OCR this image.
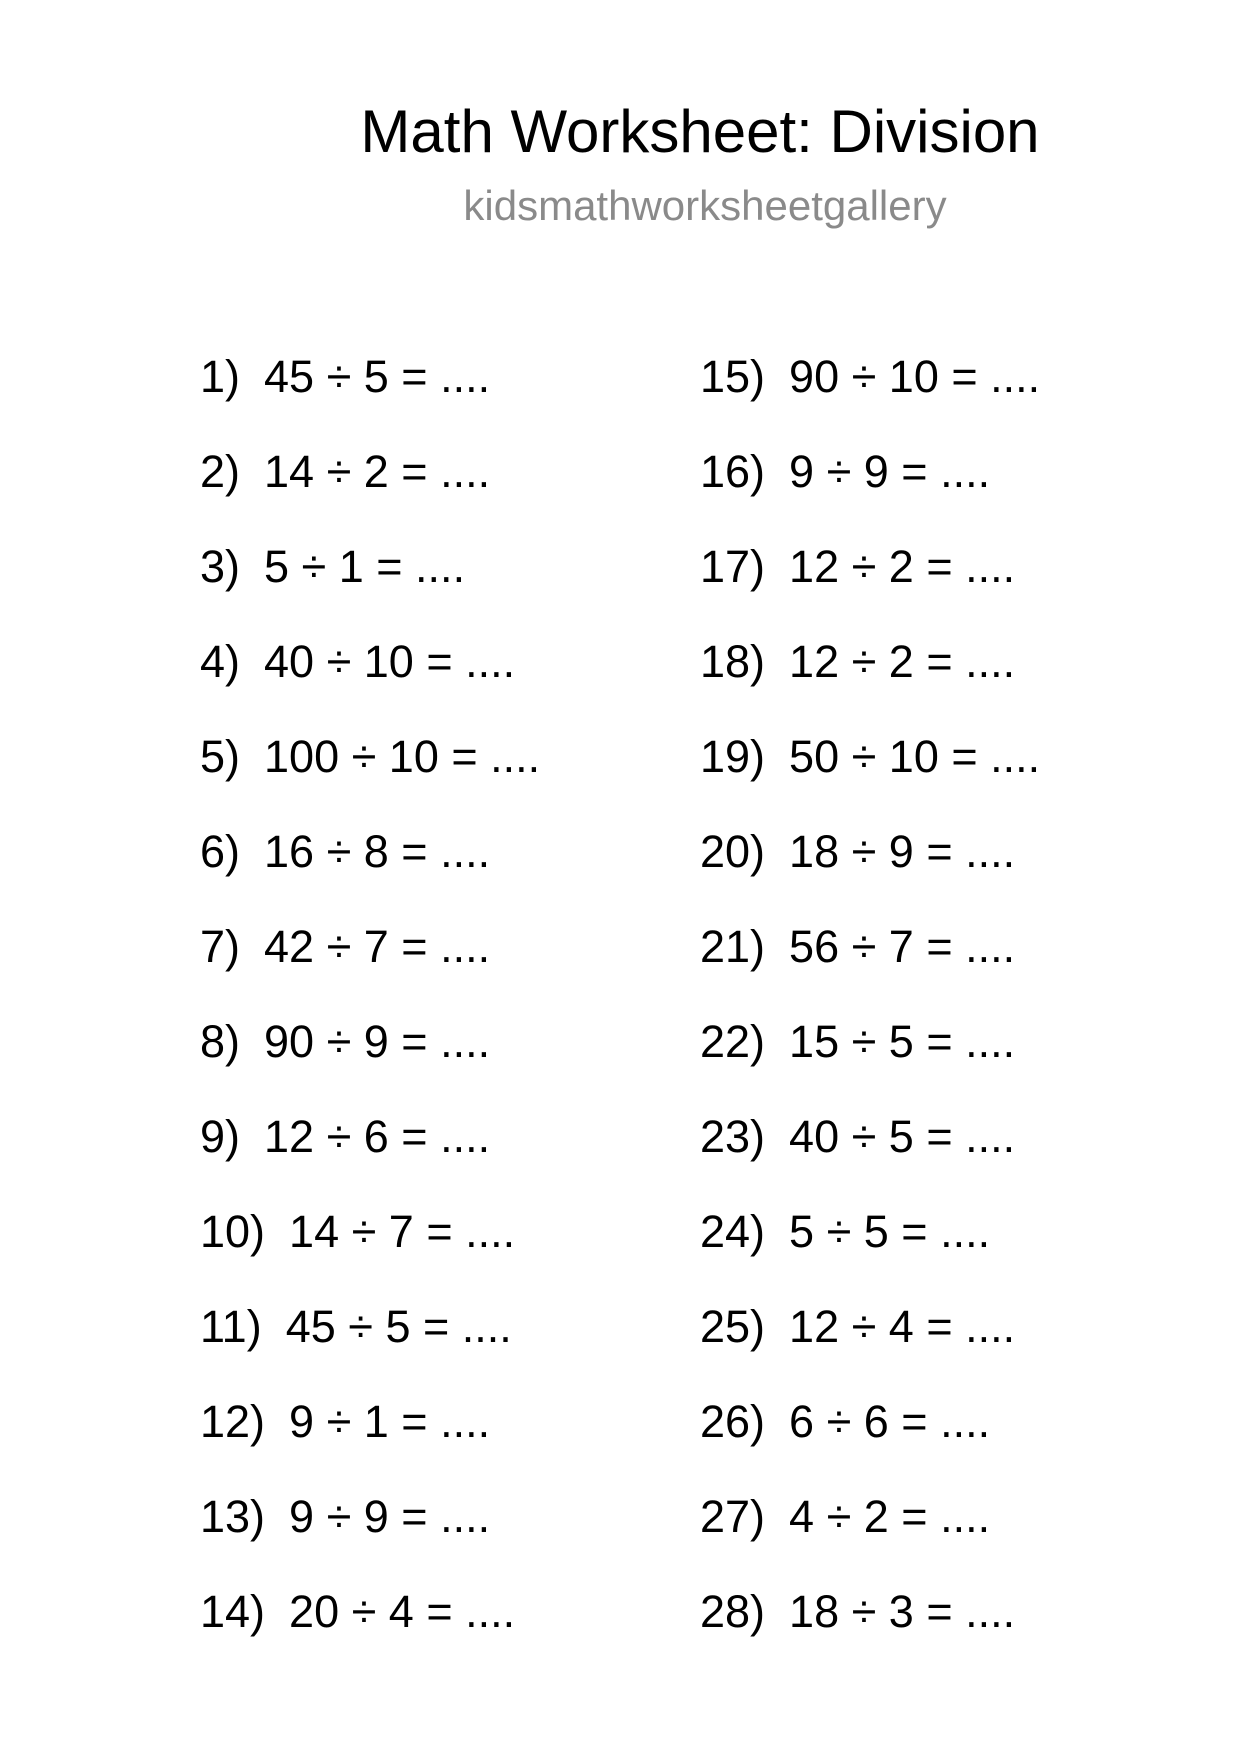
Math Worksheet: Division
kidsmathworksheetgallery
1) 45 ÷ 5 = ....
2) 14 ÷ 2 = ....
3) 5 ÷ 1 = ....
4) 40 ÷ 10 = ....
5) 100 ÷ 10 = ....
6) 16 ÷ 8 = ....
7) 42 ÷ 7 = ....
8) 90 ÷ 9 = ....
9) 12 ÷ 6 = ....
10) 14 ÷ 7 = ....
11) 45 ÷ 5 = ....
12) 9 ÷ 1 = ....
13) 9 ÷ 9 = ....
14) 20 ÷ 4 = ....
15) 90 ÷ 10 = ....
16) 9 ÷ 9 = ....
17) 12 ÷ 2 = ....
18) 12 ÷ 2 = ....
19) 50 ÷ 10 = ....
20) 18 ÷ 9 = ....
21) 56 ÷ 7 = ....
22) 15 ÷ 5 = ....
23) 40 ÷ 5 = ....
24) 5 ÷ 5 = ....
25) 12 ÷ 4 = ....
26) 6 ÷ 6 = ....
27) 4 ÷ 2 = ....
28) 18 ÷ 3 = ....
